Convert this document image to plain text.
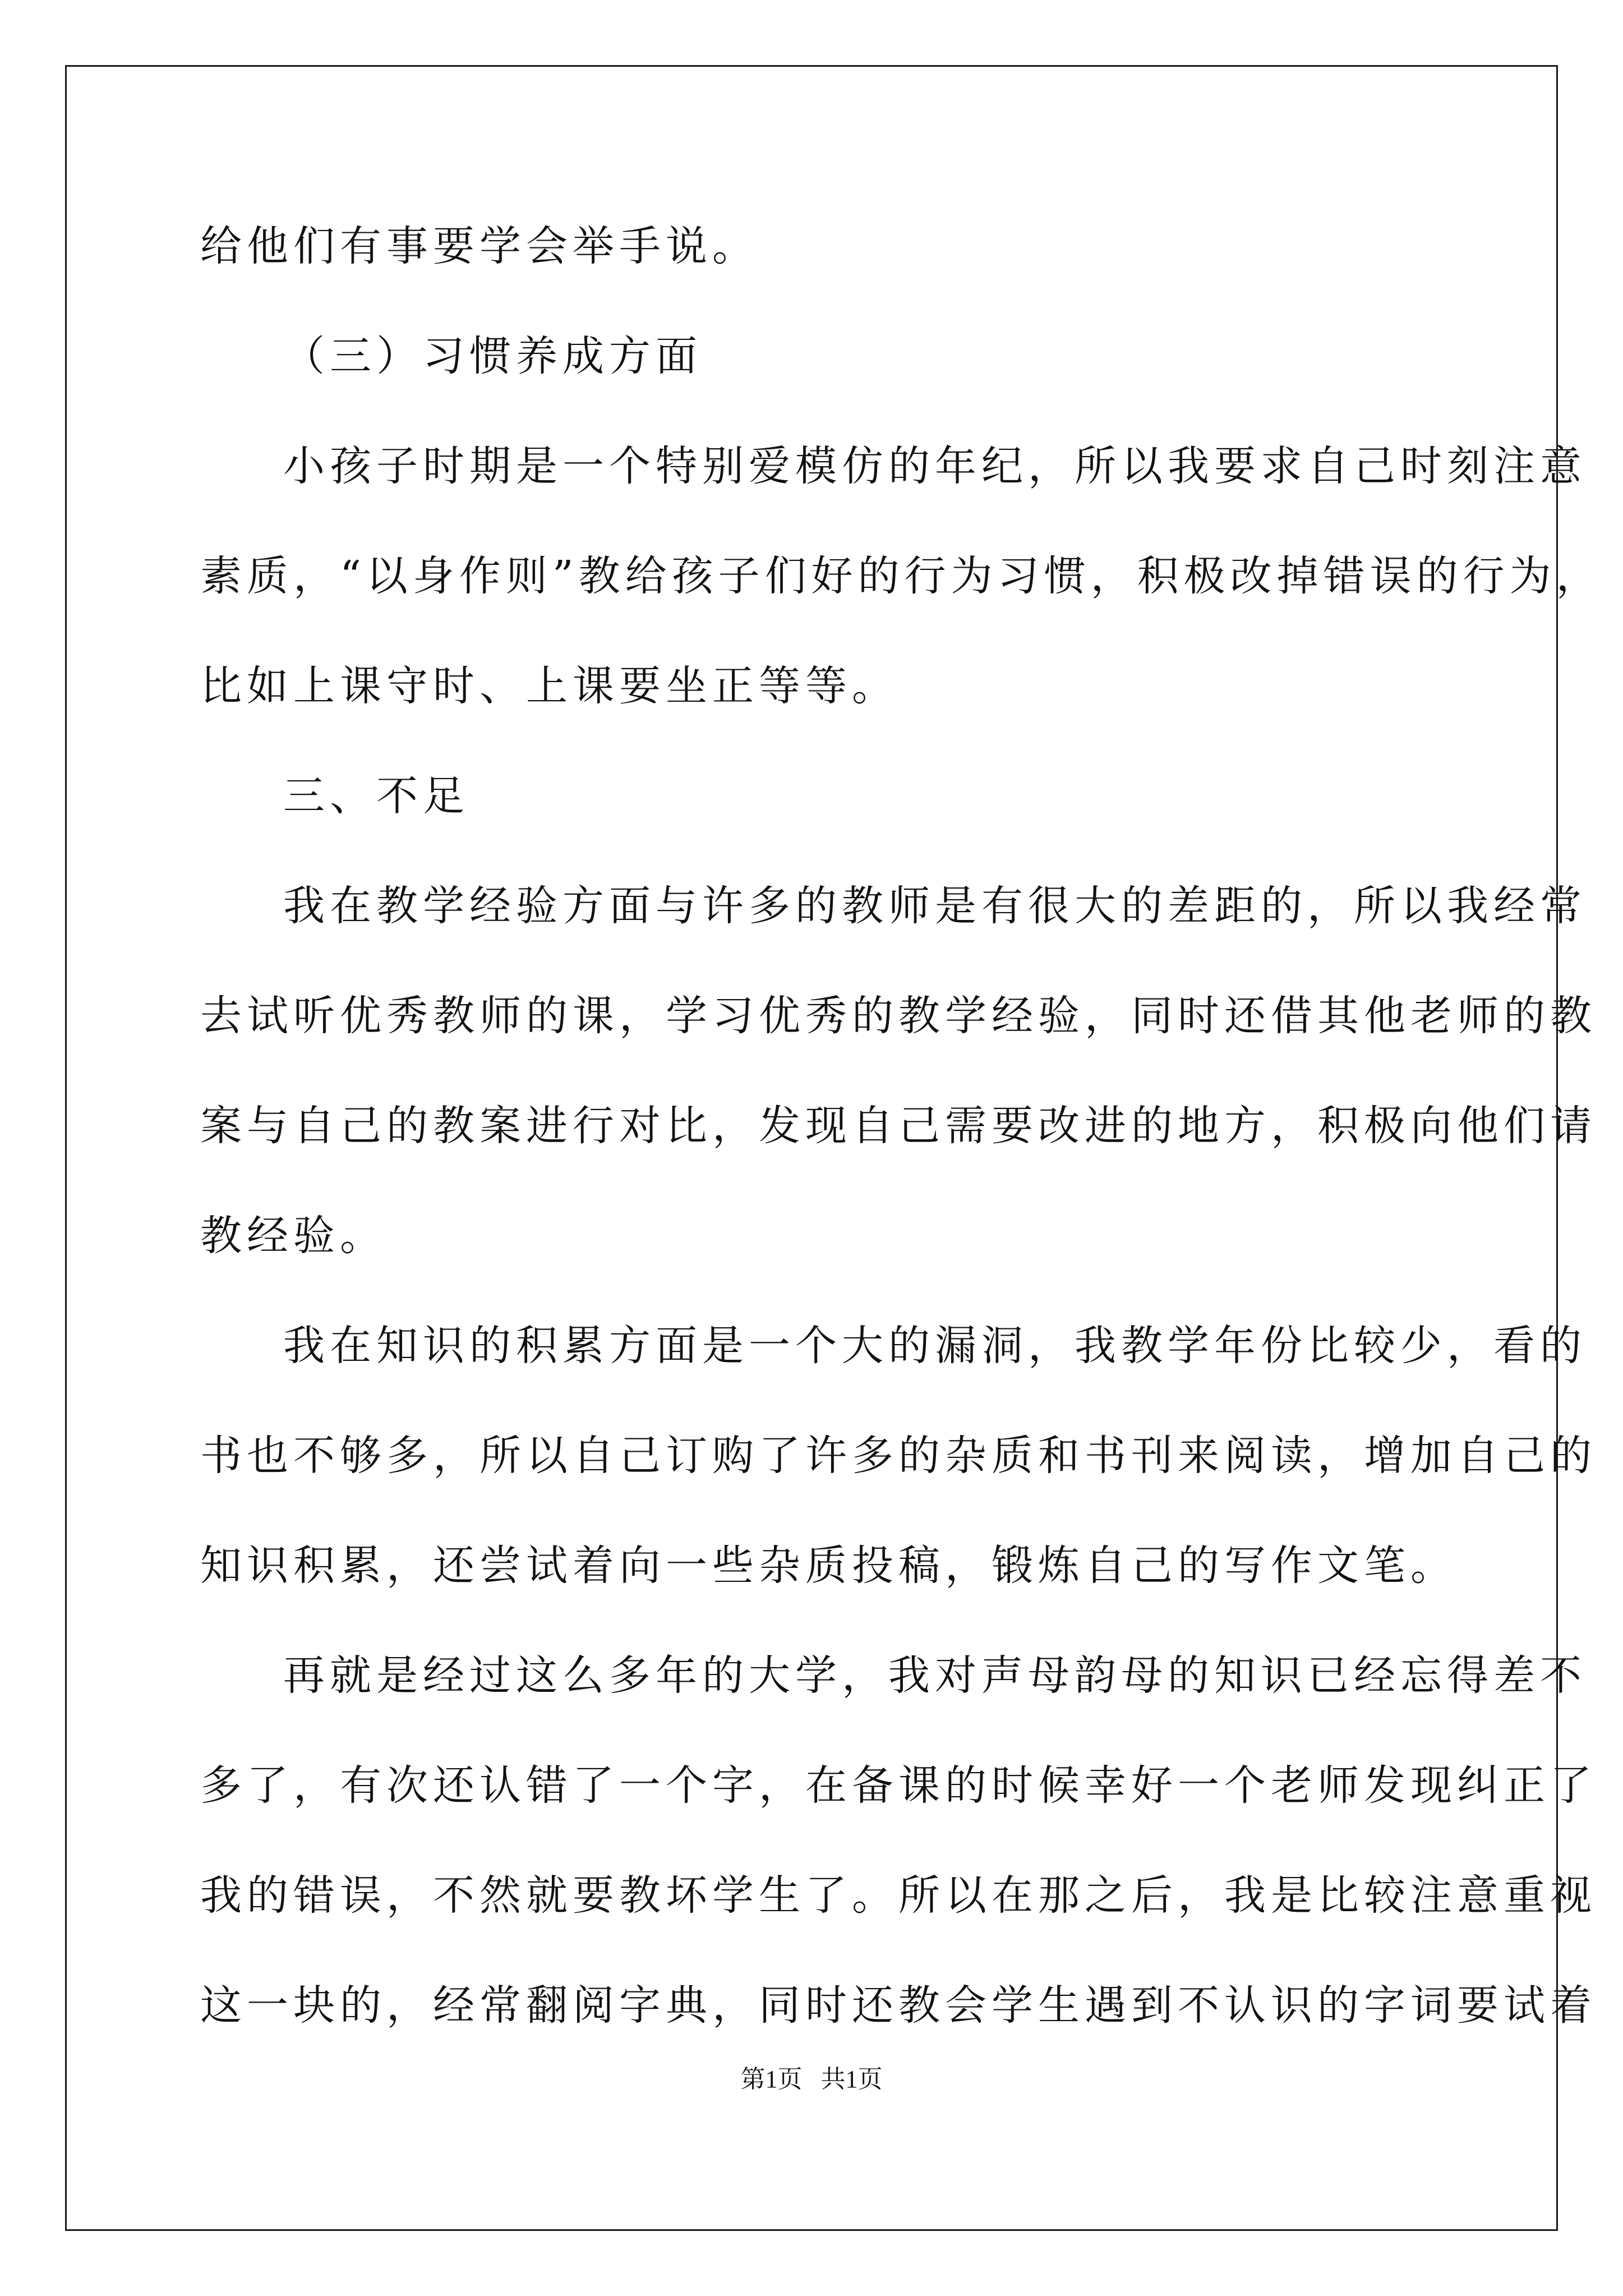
给他们有事要学会举手说。
（三）习惯养成方面
小孩子时期是一个特别爱模仿的年纪，所以我要求自己时刻注意
素质，“以身作则”教给孩子们好的行为习惯，积极改掉错误的行为，
比如上课守时、上课要坐正等等。
三、不足
我在教学经验方面与许多的教师是有很大的差距的，所以我经常
去试听优秀教师的课，学习优秀的教学经验，同时还借其他老师的教
案与自己的教案进行对比，发现自己需要改进的地方，积极向他们请
教经验。
我在知识的积累方面是一个大的漏洞，我教学年份比较少，看的
书也不够多，所以自己订购了许多的杂质和书刊来阅读，增加自己的
知识积累，还尝试着向一些杂质投稿，锻炼自己的写作文笔。
再就是经过这么多年的大学，我对声母韵母的知识已经忘得差不
多了，有次还认错了一个字，在备课的时候幸好一个老师发现纠正了
我的错误，不然就要教坏学生了。所以在那之后，我是比较注意重视
这一块的，经常翻阅字典，同时还教会学生遇到不认识的字词要试着
第1页   共1页
